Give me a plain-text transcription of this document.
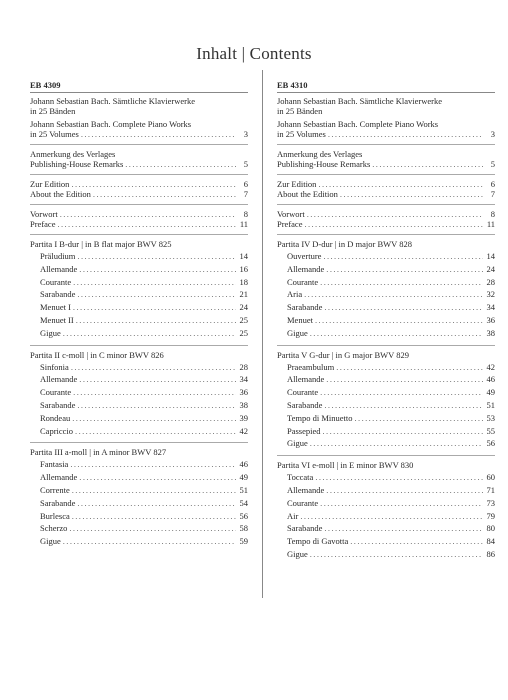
Inhalt | Contents
EB 4309
Johann Sebastian Bach. Sämtliche Klavierwerke
in 25 Bänden
Johann Sebastian Bach. Complete Piano Works
in 25 Volumes .....	3
Anmerkung des Verlages
Publishing-House Remarks .....	5
Zur Edition .....	6
About the Edition .....	7
Vorwort .....	8
Preface .....	11
Partita I B-dur | in B flat major BWV 825
Präludium .....	14
Allemande .....	16
Courante .....	18
Sarabande .....	21
Menuet I .....	24
Menuet II .....	25
Gigue .....	25
Partita II c-moll | in C minor BWV 826
Sinfonia .....	28
Allemande .....	34
Courante .....	36
Sarabande .....	38
Rondeau .....	39
Capriccio .....	42
Partita III a-moll | in A minor BWV 827
Fantasia .....	46
Allemande .....	49
Corrente .....	51
Sarabande .....	54
Burlesca .....	56
Scherzo .....	58
Gigue .....	59
EB 4310
Johann Sebastian Bach. Sämtliche Klavierwerke
in 25 Bänden
Johann Sebastian Bach. Complete Piano Works
in 25 Volumes .....	3
Anmerkung des Verlages
Publishing-House Remarks .....	5
Zur Edition .....	6
About the Edition .....	7
Vorwort .....	8
Preface .....	11
Partita IV D-dur | in D major BWV 828
Ouverture .....	14
Allemande .....	24
Courante .....	28
Aria .....	32
Sarabande .....	34
Menuet .....	36
Gigue .....	38
Partita V G-dur | in G major BWV 829
Praeambulum .....	42
Allemande .....	46
Courante .....	49
Sarabande .....	51
Tempo di Minuetto .....	53
Passepied .....	55
Gigue .....	56
Partita VI e-moll | in E minor BWV 830
Toccata .....	60
Allemande .....	71
Courante .....	73
Air .....	79
Sarabande .....	80
Tempo di Gavotta .....	84
Gigue .....	86
